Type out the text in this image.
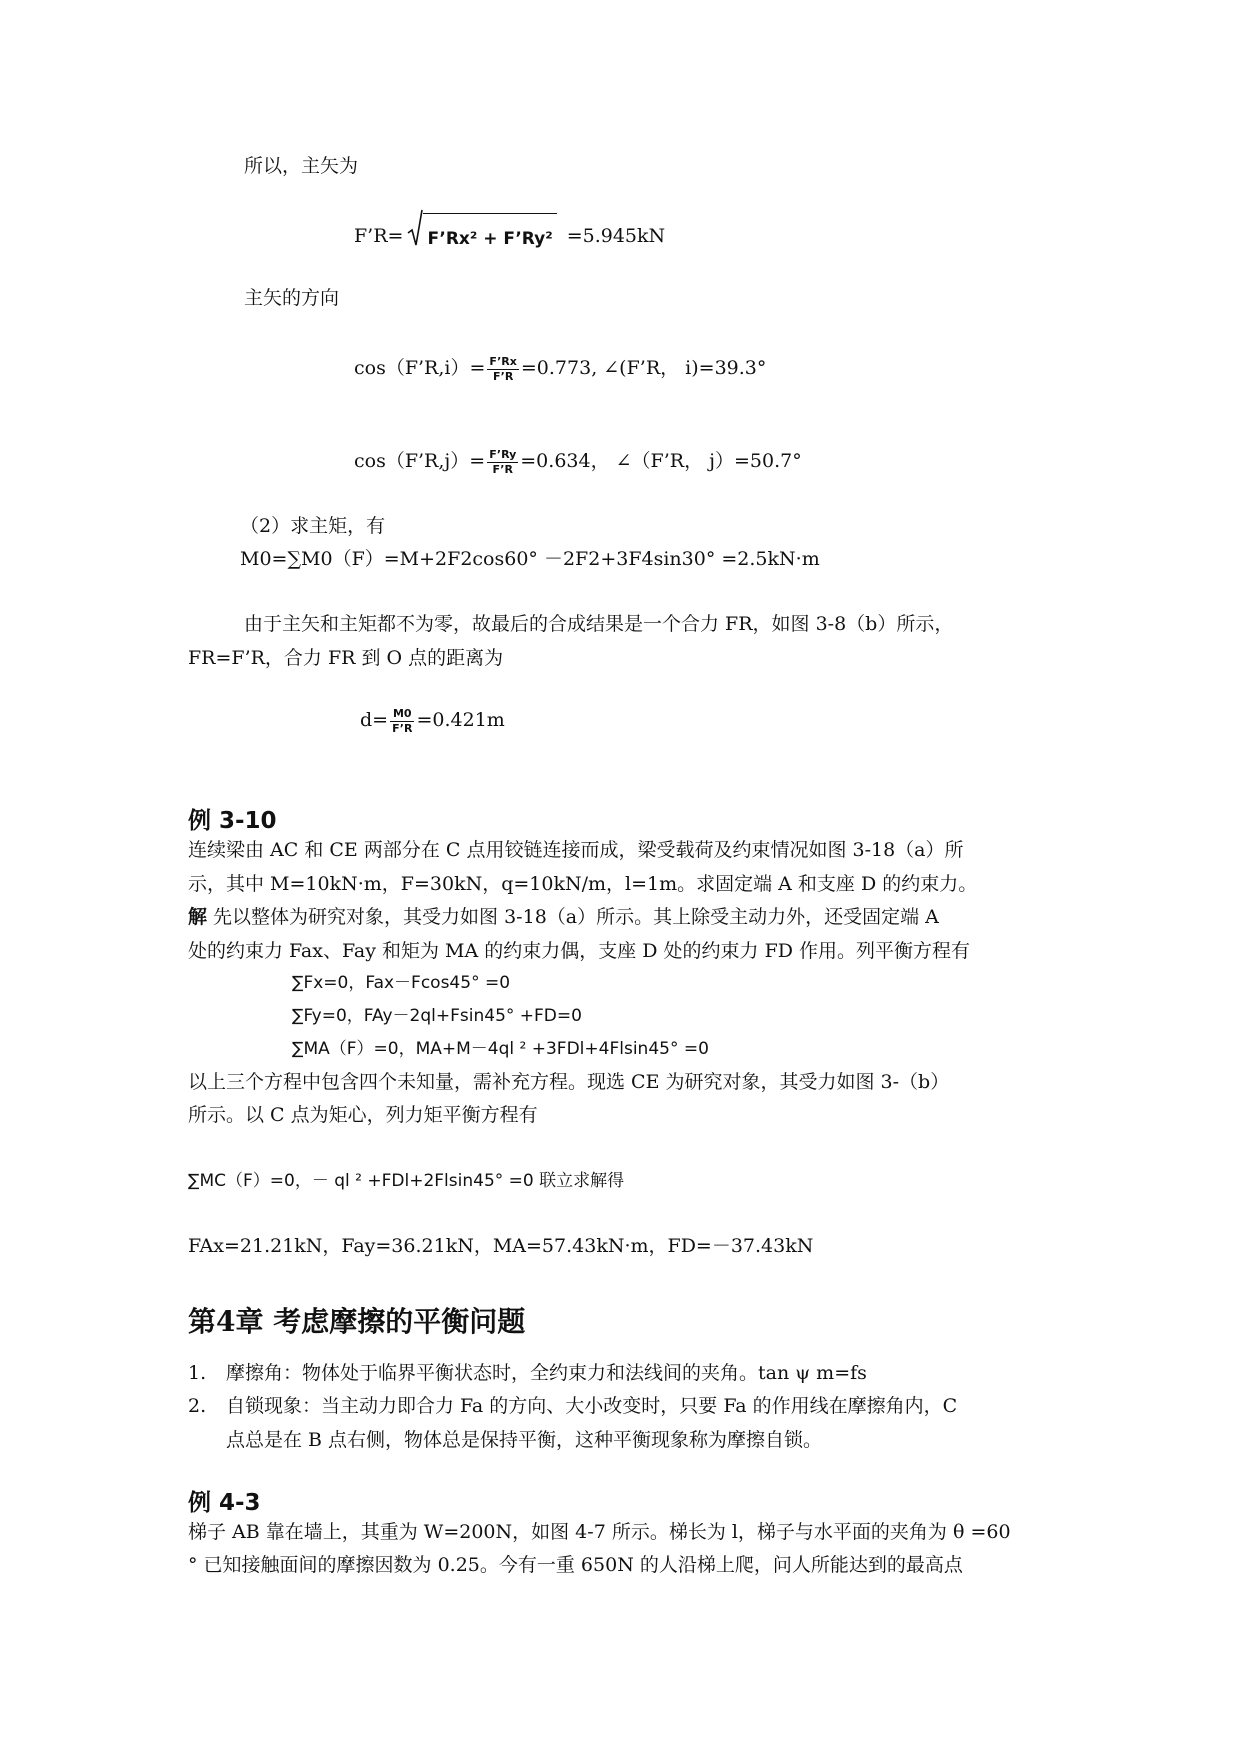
所以，主矢为
F’R= F’Rx² + F’Ry² =5.945kN
主矢的方向
cos（F’R,i）= $\frac{F’Rx}{F’R} =0.773$, ∠(F’R， i)=39.3°
cos（F’R,j）= $\frac{F’Ry}{F’R} =0.634$， ∠（F’R， j）=50.7°
（2）求主矩，有
M0=∑M0（F）=M+2F2cos60° －2F2+3F4sin30° =2.5kN·m
由于主矢和主矩都不为零，故最后的合成结果是一个合力 FR，如图 3-8（b）所示，
FR=F’R，合力 FR 到 O 点的距离为
$d= \frac{M0}{F’R} =0.421m$
例 3-10
连续梁由 AC 和 CE 两部分在 C 点用铰链连接而成，梁受载荷及约束情况如图 3-18（a）所
示，其中 M=10kN·m，F=30kN，q=10kN/m，l=1m。求固定端 A 和支座 D 的约束力。
解 先以整体为研究对象，其受力如图 3-18（a）所示。其上除受主动力外，还受固定端 A
处的约束力 Fax、Fay 和矩为 MA 的约束力偶，支座 D 处的约束力 FD 作用。列平衡方程有
∑Fx=0，Fax－Fcos45° =0
∑Fy=0，FAy－2ql+Fsin45° +FD=0
∑MA（F）=0，MA+M－4ql ² +3FDl+4Flsin45° =0
以上三个方程中包含四个未知量，需补充方程。现选 CE 为研究对象，其受力如图 3-（b）
所示。以 C 点为矩心，列力矩平衡方程有
∑MC（F）=0，－ ql ² +FDl+2Flsin45° =0 联立求解得
FAx=21.21kN，Fay=36.21kN，MA=57.43kN·m，FD=－37.43kN
第4章 考虑摩擦的平衡问题
1. 摩擦角：物体处于临界平衡状态时，全约束力和法线间的夹角。tan ψ m=fs
2. 自锁现象：当主动力即合力 Fa 的方向、大小改变时，只要 Fa 的作用线在摩擦角内，C
点总是在 B 点右侧，物体总是保持平衡，这种平衡现象称为摩擦自锁。
例 4-3
梯子 AB 靠在墙上，其重为 W=200N，如图 4-7 所示。梯长为 l，梯子与水平面的夹角为 θ =60
° 已知接触面间的摩擦因数为 0.25。今有一重 650N 的人沿梯上爬，问人所能达到的最高点
